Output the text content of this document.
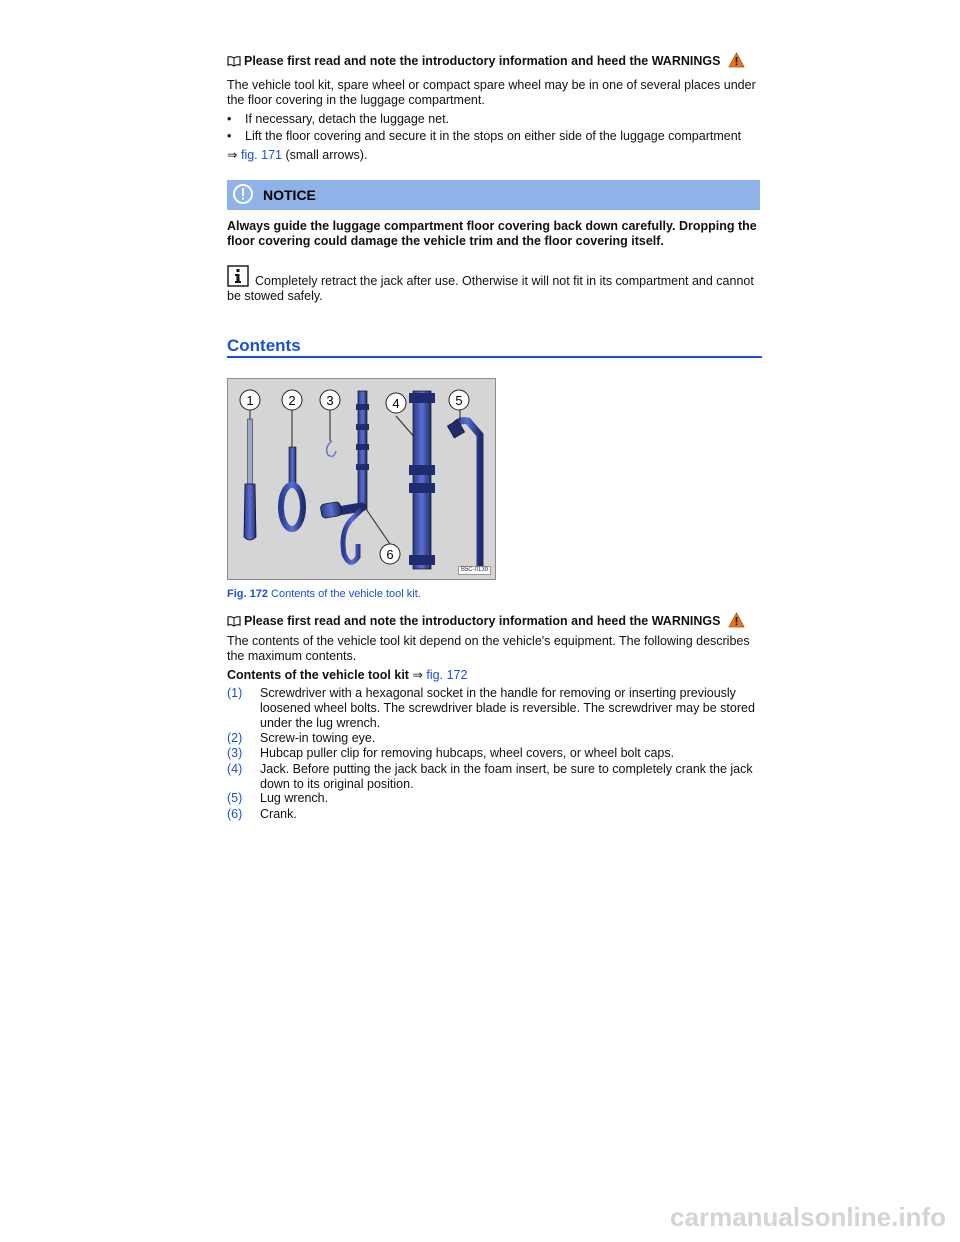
Please first read and note the introductory information and heed the WARNINGS

The vehicle tool kit, spare wheel or compact spare wheel may be in one of several places under the floor covering in the luggage compartment.

• If necessary, detach the luggage net.
• Lift the floor covering and secure it in the stops on either side of the luggage compartment

⇒ fig. 171 (small arrows).

NOTICE

Always guide the luggage compartment floor covering back down carefully. Dropping the floor covering could damage the vehicle trim and the floor covering itself.

Completely retract the jack after use. Otherwise it will not fit in its compartment and cannot be stowed safely.

Contents
1	2 3	4	5
6
B5C-0139

Fig. 172 Contents of the vehicle tool kit.

Please first read and note the introductory information and heed the WARNINGS

The contents of the vehicle tool kit depend on the vehicle's equipment. The following describes the maximum contents.

Contents of the vehicle tool kit ⇒ fig. 172

(1) Screwdriver with a hexagonal socket in the handle for removing or inserting previously loosened wheel bolts. The screwdriver blade is reversible. The screwdriver may be stored under the lug wrench.
(2) Screw-in towing eye.
(3) Hubcap puller clip for removing hubcaps, wheel covers, or wheel bolt caps.
(4) Jack. Before putting the jack back in the foam insert, be sure to completely crank the jack down to its original position.
(5) Lug wrench.
(6) Crank.
carmanualsonline.info
